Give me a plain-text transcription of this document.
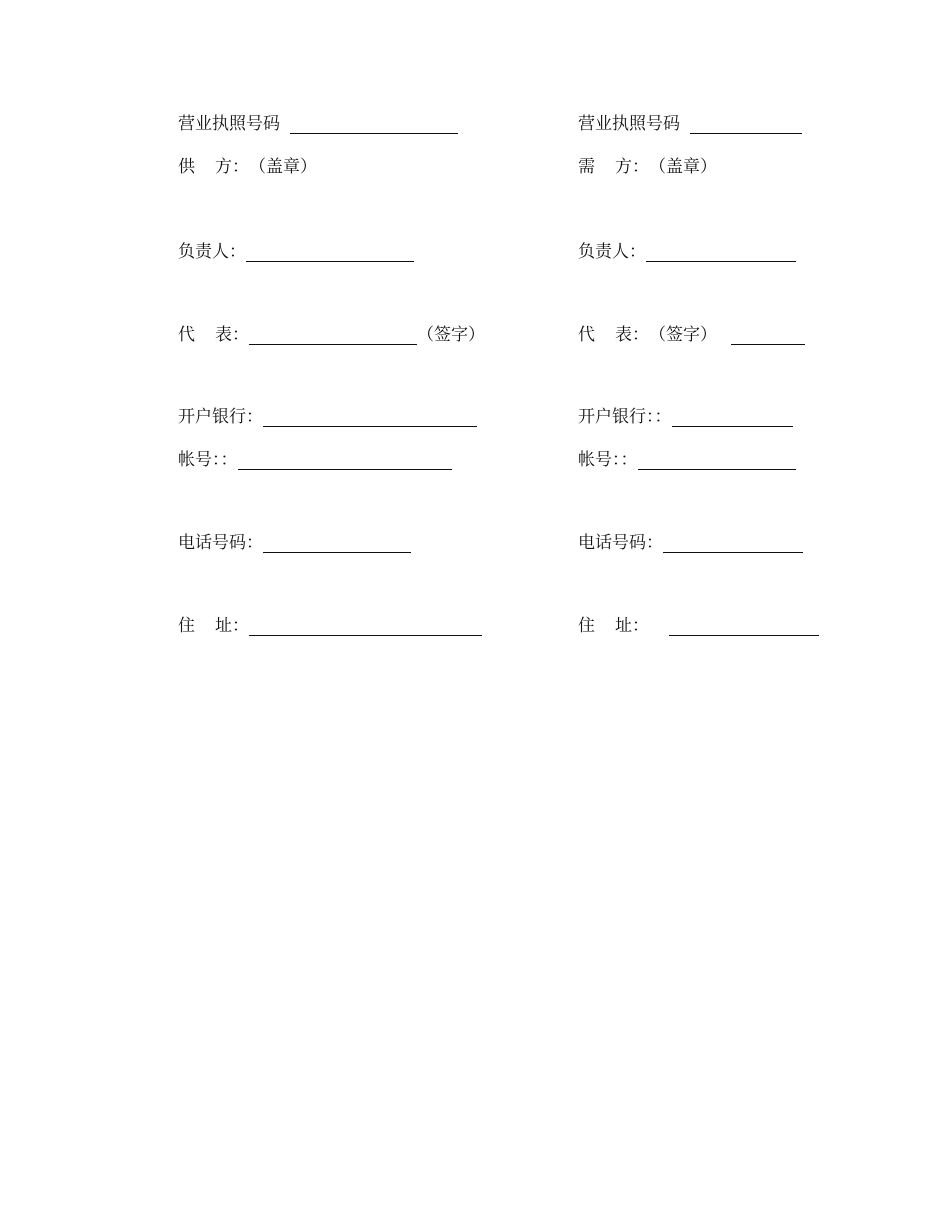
营业执照号码
供 方： （盖章）
负责人：
代 表：	（签字）
开户银行：
帐号：：
电话号码：
住 址：
营业执照号码
需 方： （盖章）
负责人：
代 表： （签字）
开户银行：：
帐号：：
电话号码：
住 址：
